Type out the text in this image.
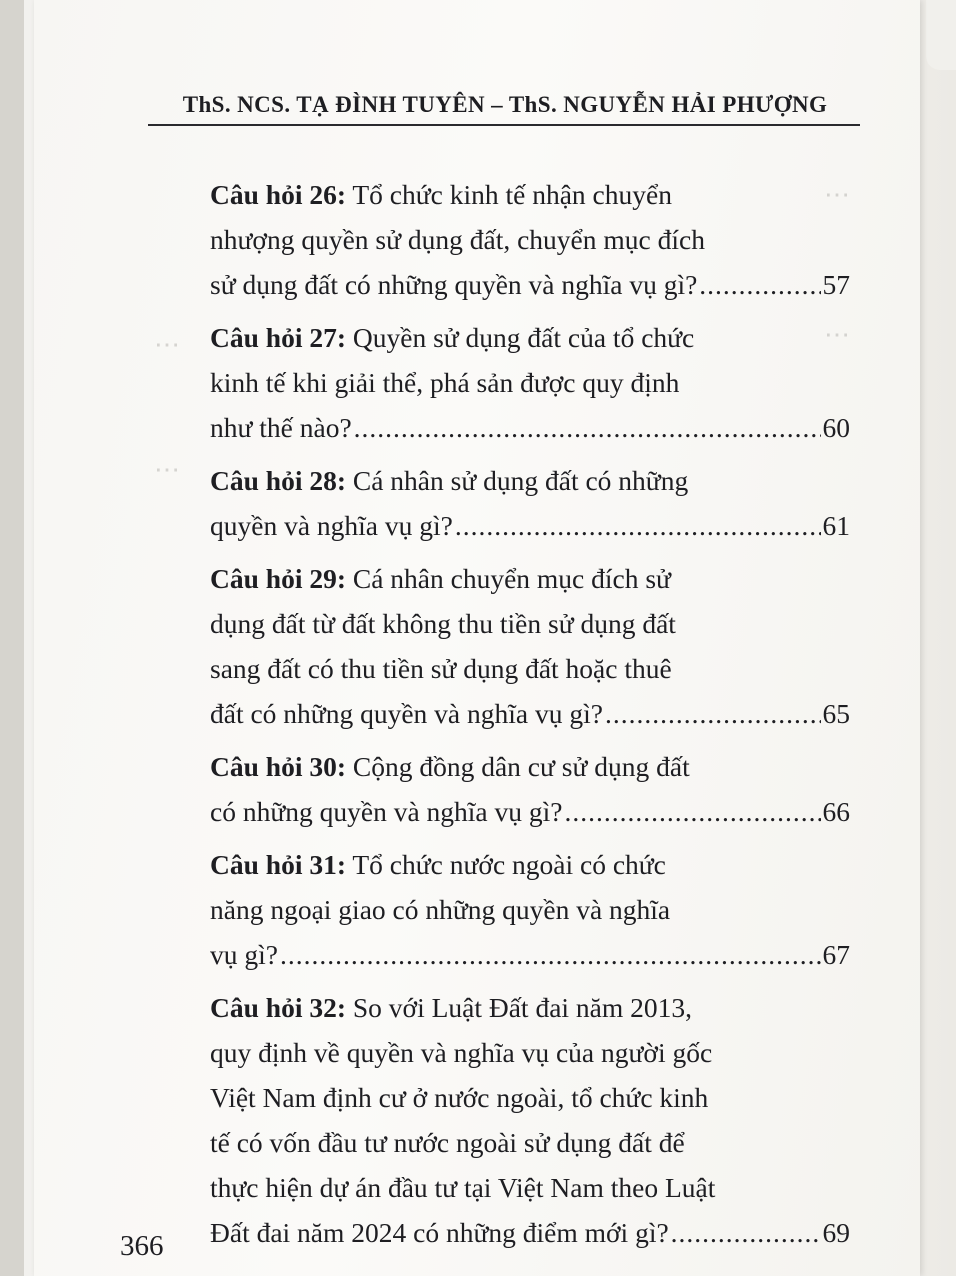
⋯
⋯
⋯
⋯
ThS. NCS. TẠ ĐÌNH TUYÊN – ThS. NGUYỄN HẢI PHƯỢNG
Câu hỏi 26: Tổ chức kinh tế nhận chuyển
nhượng quyền sử dụng đất, chuyển mục đích
sử dụng đất có những quyền và nghĩa vụ gì? .....	57
Câu hỏi 27: Quyền sử dụng đất của tổ chức
kinh tế khi giải thể, phá sản được quy định
như thế nào? .....	60
Câu hỏi 28: Cá nhân sử dụng đất có những
quyền và nghĩa vụ gì? .....	61
Câu hỏi 29: Cá nhân chuyển mục đích sử
dụng đất từ đất không thu tiền sử dụng đất
sang đất có thu tiền sử dụng đất hoặc thuê
đất có những quyền và nghĩa vụ gì? .....	65
Câu hỏi 30: Cộng đồng dân cư sử dụng đất
có những quyền và nghĩa vụ gì? .....	66
Câu hỏi 31: Tổ chức nước ngoài có chức
năng ngoại giao có những quyền và nghĩa
vụ gì? .....	67
Câu hỏi 32: So với Luật Đất đai năm 2013,
quy định về quyền và nghĩa vụ của người gốc
Việt Nam định cư ở nước ngoài, tổ chức kinh
tế có vốn đầu tư nước ngoài sử dụng đất để
thực hiện dự án đầu tư tại Việt Nam theo Luật
Đất đai năm 2024 có những điểm mới gì? .....	69
366
